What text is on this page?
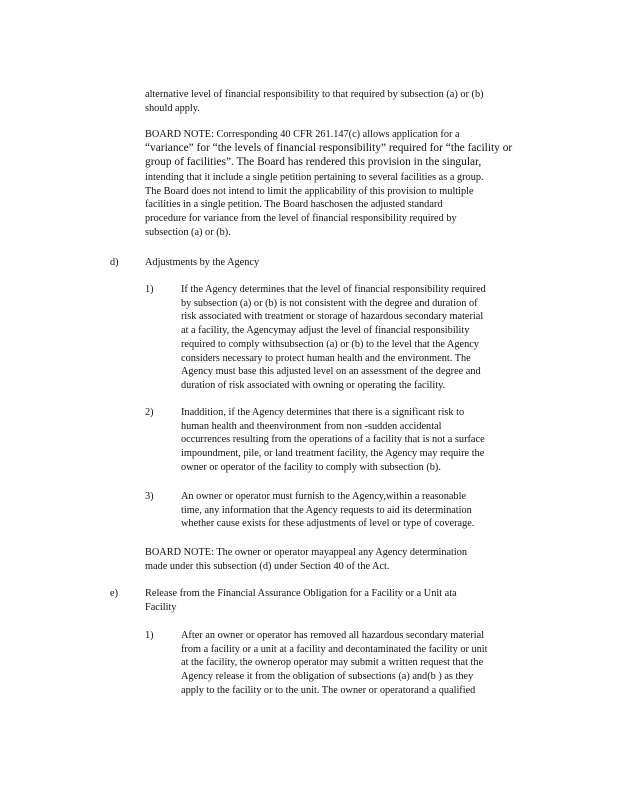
alternative level of financial responsibility to that required by subsection (a) or (b)
should apply.

BOARD NOTE: Corresponding 40 CFR 261.147(c) allows application for a

“variance” for “the levels of financial responsibility” required for “the facility or
group of facilities”. The Board has rendered this provision in the singular,

intending that it include a single petition pertaining to several facilities as a group.
The Board does not intend to limit the applicability of this provision to multiple
facilities in a single petition. The Board haschosen the adjusted standard
procedure for variance from the level of financial responsibility required by
subsection (a) or (b).

d)	Adjustments by the Agency
1)	If the Agency determines that the level of financial responsibility required
by subsection (a) or (b) is not consistent with the degree and duration of
risk associated with treatment or storage of hazardous secondary material
at a facility, the Agencymay adjust the level of financial responsibility
required to comply withsubsection (a) or (b) to the level that the Agency
considers necessary to protect human health and the environment. The
Agency must base this adjusted level on an assessment of the degree and
duration of risk associated with owning or operating the facility.

2)	Inaddition, if the Agency determines that there is a significant risk to
human health and theenvironment from non -sudden accidental
occurrences resulting from the operations of a facility that is not a surface
impoundment, pile, or land treatment facility, the Agency may require the
owner or operator of the facility to comply with subsection (b).

3)	An owner or operator must furnish to the Agency,within a reasonable
time, any information that the Agency requests to aid its determination
whether cause exists for these adjustments of level or type of coverage.

BOARD NOTE: The owner or operator mayappeal any Agency determination
made under this subsection (d) under Section 40 of the Act.

e)	Release from the Financial Assurance Obligation for a Facility or a Unit ata
Facility

1)	After an owner or operator has removed all hazardous secondary material
from a facility or a unit at a facility and decontaminated the facility or unit
at the facility, the ownerор operator may submit a written request that the
Agency release it from the obligation of subsections (a) and(b ) as they
apply to the facility or to the unit. The owner or operatorand a qualified
